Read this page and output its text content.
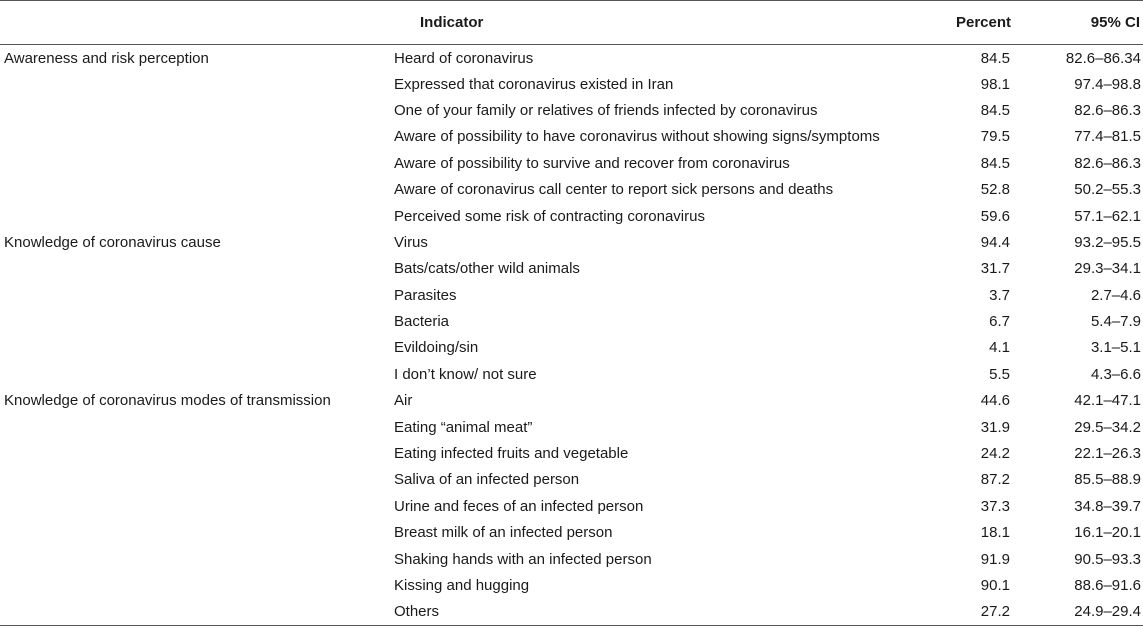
	Indicator	Percent	95% CI
Awareness and risk perception	Heard of coronavirus	84.5	82.6–86.34
	Expressed that coronavirus existed in Iran	98.1	97.4–98.8
	One of your family or relatives of friends infected by coronavirus	84.5	82.6–86.3
	Aware of possibility to have coronavirus without showing signs/symptoms	79.5	77.4–81.5
	Aware of possibility to survive and recover from coronavirus	84.5	82.6–86.3
	Aware of coronavirus call center to report sick persons and deaths	52.8	50.2–55.3
	Perceived some risk of contracting coronavirus	59.6	57.1–62.1
Knowledge of coronavirus cause	Virus	94.4	93.2–95.5
	Bats/cats/other wild animals	31.7	29.3–34.1
	Parasites	3.7	2.7–4.6
	Bacteria	6.7	5.4–7.9
	Evildoing/sin	4.1	3.1–5.1
	I don’t know/ not sure	5.5	4.3–6.6
Knowledge of coronavirus modes of transmission	Air	44.6	42.1–47.1
	Eating “animal meat”	31.9	29.5–34.2
	Eating infected fruits and vegetable	24.2	22.1–26.3
	Saliva of an infected person	87.2	85.5–88.9
	Urine and feces of an infected person	37.3	34.8–39.7
	Breast milk of an infected person	18.1	16.1–20.1
	Shaking hands with an infected person	91.9	90.5–93.3
	Kissing and hugging	90.1	88.6–91.6
	Others	27.2	24.9–29.4
